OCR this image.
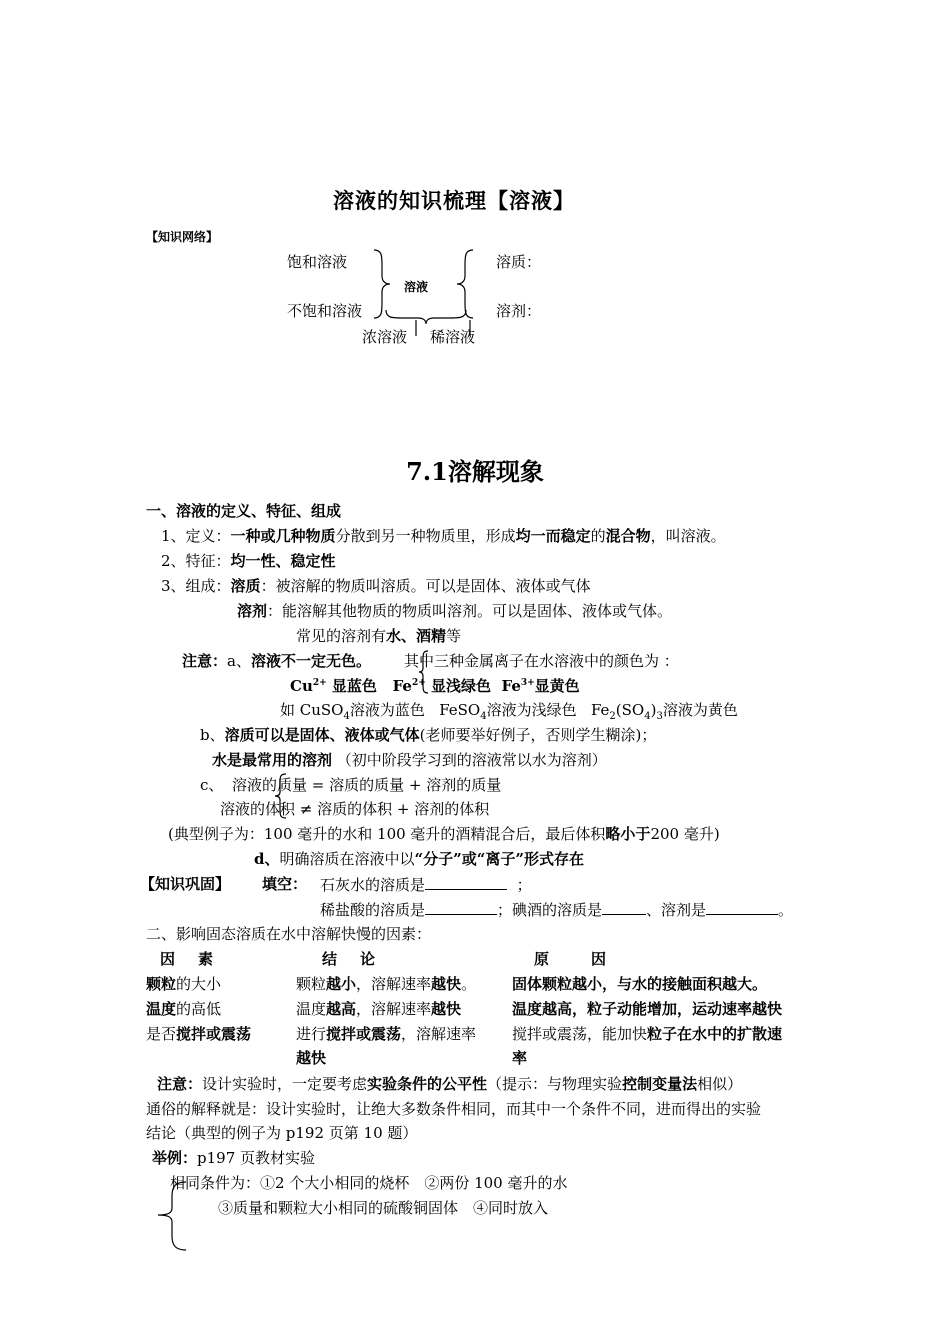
溶液的知识梳理【溶液】
【知识网络】
饱和溶液
不饱和溶液
溶液
溶质：
溶剂：
浓溶液 稀溶液
7.1溶解现象
一、溶液的定义、特征、组成
1、定义：一种或几种物质分散到另一种物质里，形成均一而稳定的混合物，叫溶液。
2、特征：均一性、稳定性
3、组成：溶质：被溶解的物质叫溶质。可以是固体、液体或气体
溶剂：能溶解其他物质的物质叫溶剂。可以是固体、液体或气体。
常见的溶剂有水、酒精等
注意：a、溶液不一定无色。 其中三种金属离子在水溶液中的颜色为 ：
$Cu^{2+}$ 显蓝色 $Fe^{2+}$ 显浅绿色 $Fe^{3+}$显黄色
如 CuSO$_4$溶液为蓝色 FeSO$_4$溶液为浅绿色 $Fe_2(SO_4)_3$溶液为黄色
b、溶质可以是固体、液体或气体(老师要举好例子，否则学生糊涂)；
水是最常用的溶剂 （初中阶段学习到的溶液常以水为溶剂）
c、 溶液的质量 = 溶质的质量 + 溶剂的质量
溶液的体积 ≠ 溶质的体积 + 溶剂的体积
(典型例子为：100 毫升的水和 100 毫升的酒精混合后，最后体积略小于200 毫升)
d、明确溶质在溶液中以“分子”或“离子”形式存在
【知识巩固】 填空： 石灰水的溶质是	；
稀盐酸的溶质是	；碘酒的溶质是	、溶剂是	。
二、影响固态溶质在水中溶解快慢的因素：
因　素	结　论	原　　因
颗粒的大小	颗粒越小，溶解速率越快。 固体颗粒越小，与水的接触面积越大。
温度的高低	温度越高，溶解速率越快	温度越高，粒子动能增加，运动速率越快
是否搅拌或震荡	进行搅拌或震荡，溶解速率
越快
搅拌或震荡，能加快粒子在水中的扩散速
率
注意：设计实验时，一定要考虑实验条件的公平性（提示：与物理实验控制变量法相似）
通俗的解释就是：设计实验时，让绝大多数条件相同，而其中一个条件不同，进而得出的实验
结论（典型的例子为 p192 页第 10 题）
举例：p197 页教材实验
相同条件为：①2 个大小相同的烧杯　②两份 100 毫升的水
③质量和颗粒大小相同的硫酸铜固体　④同时放入
